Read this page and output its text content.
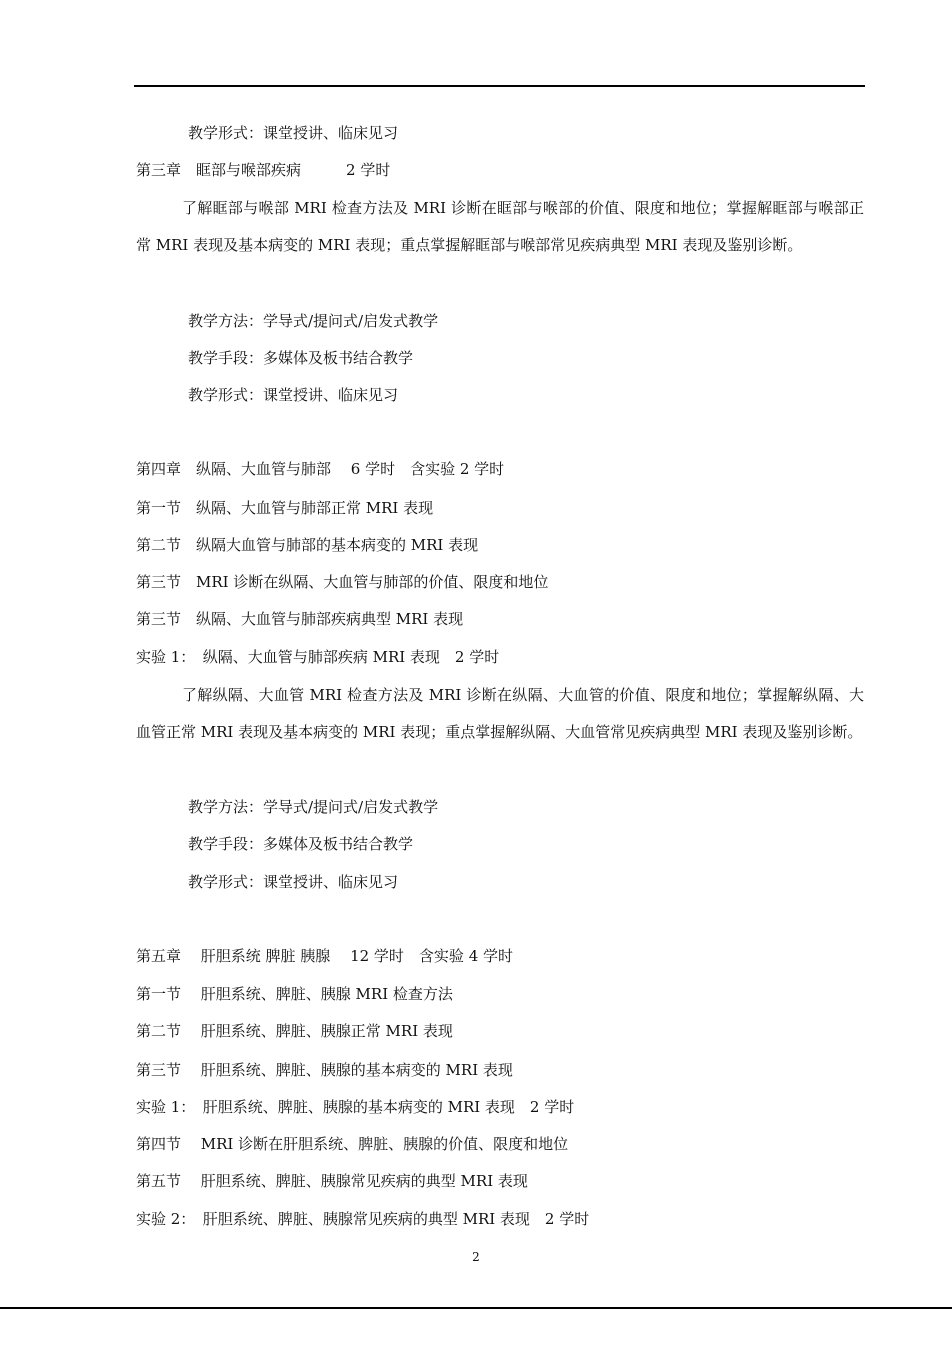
教学形式：课堂授讲、临床见习
第三章　眶部与喉部疾病　　　2 学时

了解眶部与喉部 MRI 检查方法及 MRI 诊断在眶部与喉部的价值、限度和地位；掌握解眶部与喉部正常 MRI 表现及基本病变的 MRI 表现；重点掌握解眶部与喉部常见疾病典型 MRI 表现及鉴别诊断。

教学方法：学导式/提问式/启发式教学
教学手段：多媒体及板书结合教学
教学形式：课堂授讲、临床见习
第四章　纵隔、大血管与肺部　 6 学时　含实验 2 学时
第一节　纵隔、大血管与肺部正常 MRI 表现
第二节　纵隔大血管与肺部的基本病变的 MRI 表现
第三节　MRI 诊断在纵隔、大血管与肺部的价值、限度和地位
第三节　纵隔、大血管与肺部疾病典型 MRI 表现
实验 1：　纵隔、大血管与肺部疾病 MRI 表现　2 学时

了解纵隔、大血管 MRI 检查方法及 MRI 诊断在纵隔、大血管的价值、限度和地位；掌握解纵隔、大血管正常 MRI 表现及基本病变的 MRI 表现；重点掌握解纵隔、大血管常见疾病典型 MRI 表现及鉴别诊断。

教学方法：学导式/提问式/启发式教学
教学手段：多媒体及板书结合教学
教学形式：课堂授讲、临床见习
第五章　 肝胆系统 脾脏 胰腺　 12 学时　含实验 4 学时
第一节　 肝胆系统、脾脏、胰腺 MRI 检查方法
第二节　 肝胆系统、脾脏、胰腺正常 MRI 表现
第三节　 肝胆系统、脾脏、胰腺的基本病变的 MRI 表现
实验 1：　肝胆系统、脾脏、胰腺的基本病变的 MRI 表现　2 学时
第四节　 MRI 诊断在肝胆系统、脾脏、胰腺的价值、限度和地位
第五节　 肝胆系统、脾脏、胰腺常见疾病的典型 MRI 表现
实验 2：　肝胆系统、脾脏、胰腺常见疾病的典型 MRI 表现　2 学时
2
